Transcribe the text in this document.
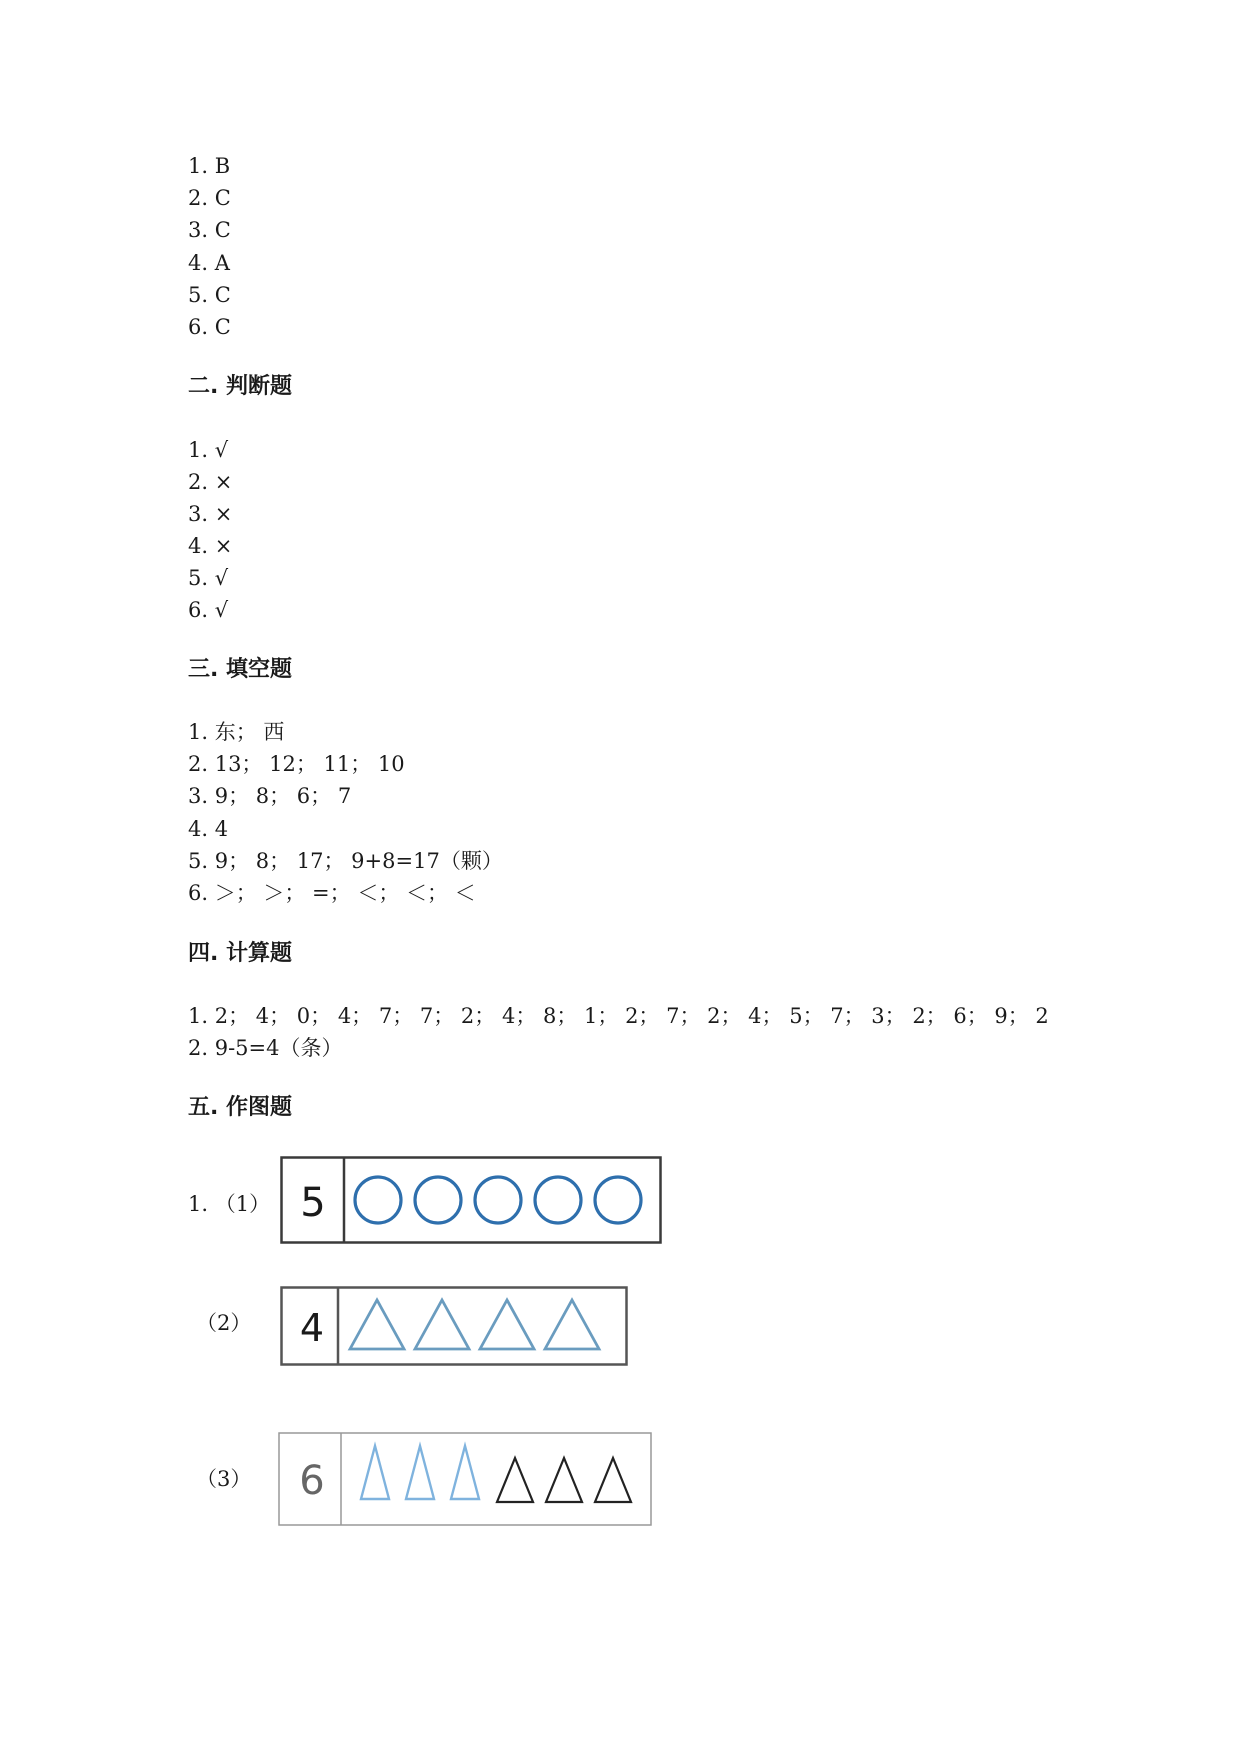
1. B
2. C
3. C
4. A
5. C
6. C
二. 判断题
1. √
2. ×
3. ×
4. ×
5. √
6. √
三. 填空题
1. 东； 西
2. 13； 12； 11； 10
3. 9； 8； 6； 7
4. 4
5. 9； 8； 17； 9+8=17（颗）
6. ＞； ＞； =； ＜； ＜； ＜
四. 计算题
1. 2； 4； 0； 4； 7； 7； 2； 4； 8； 1； 2； 7； 2； 4； 5； 7； 3； 2； 6； 9； 2
2. 9-5=4（条）
五. 作图题
1. （1） 5
（2） 4
（3） 6
